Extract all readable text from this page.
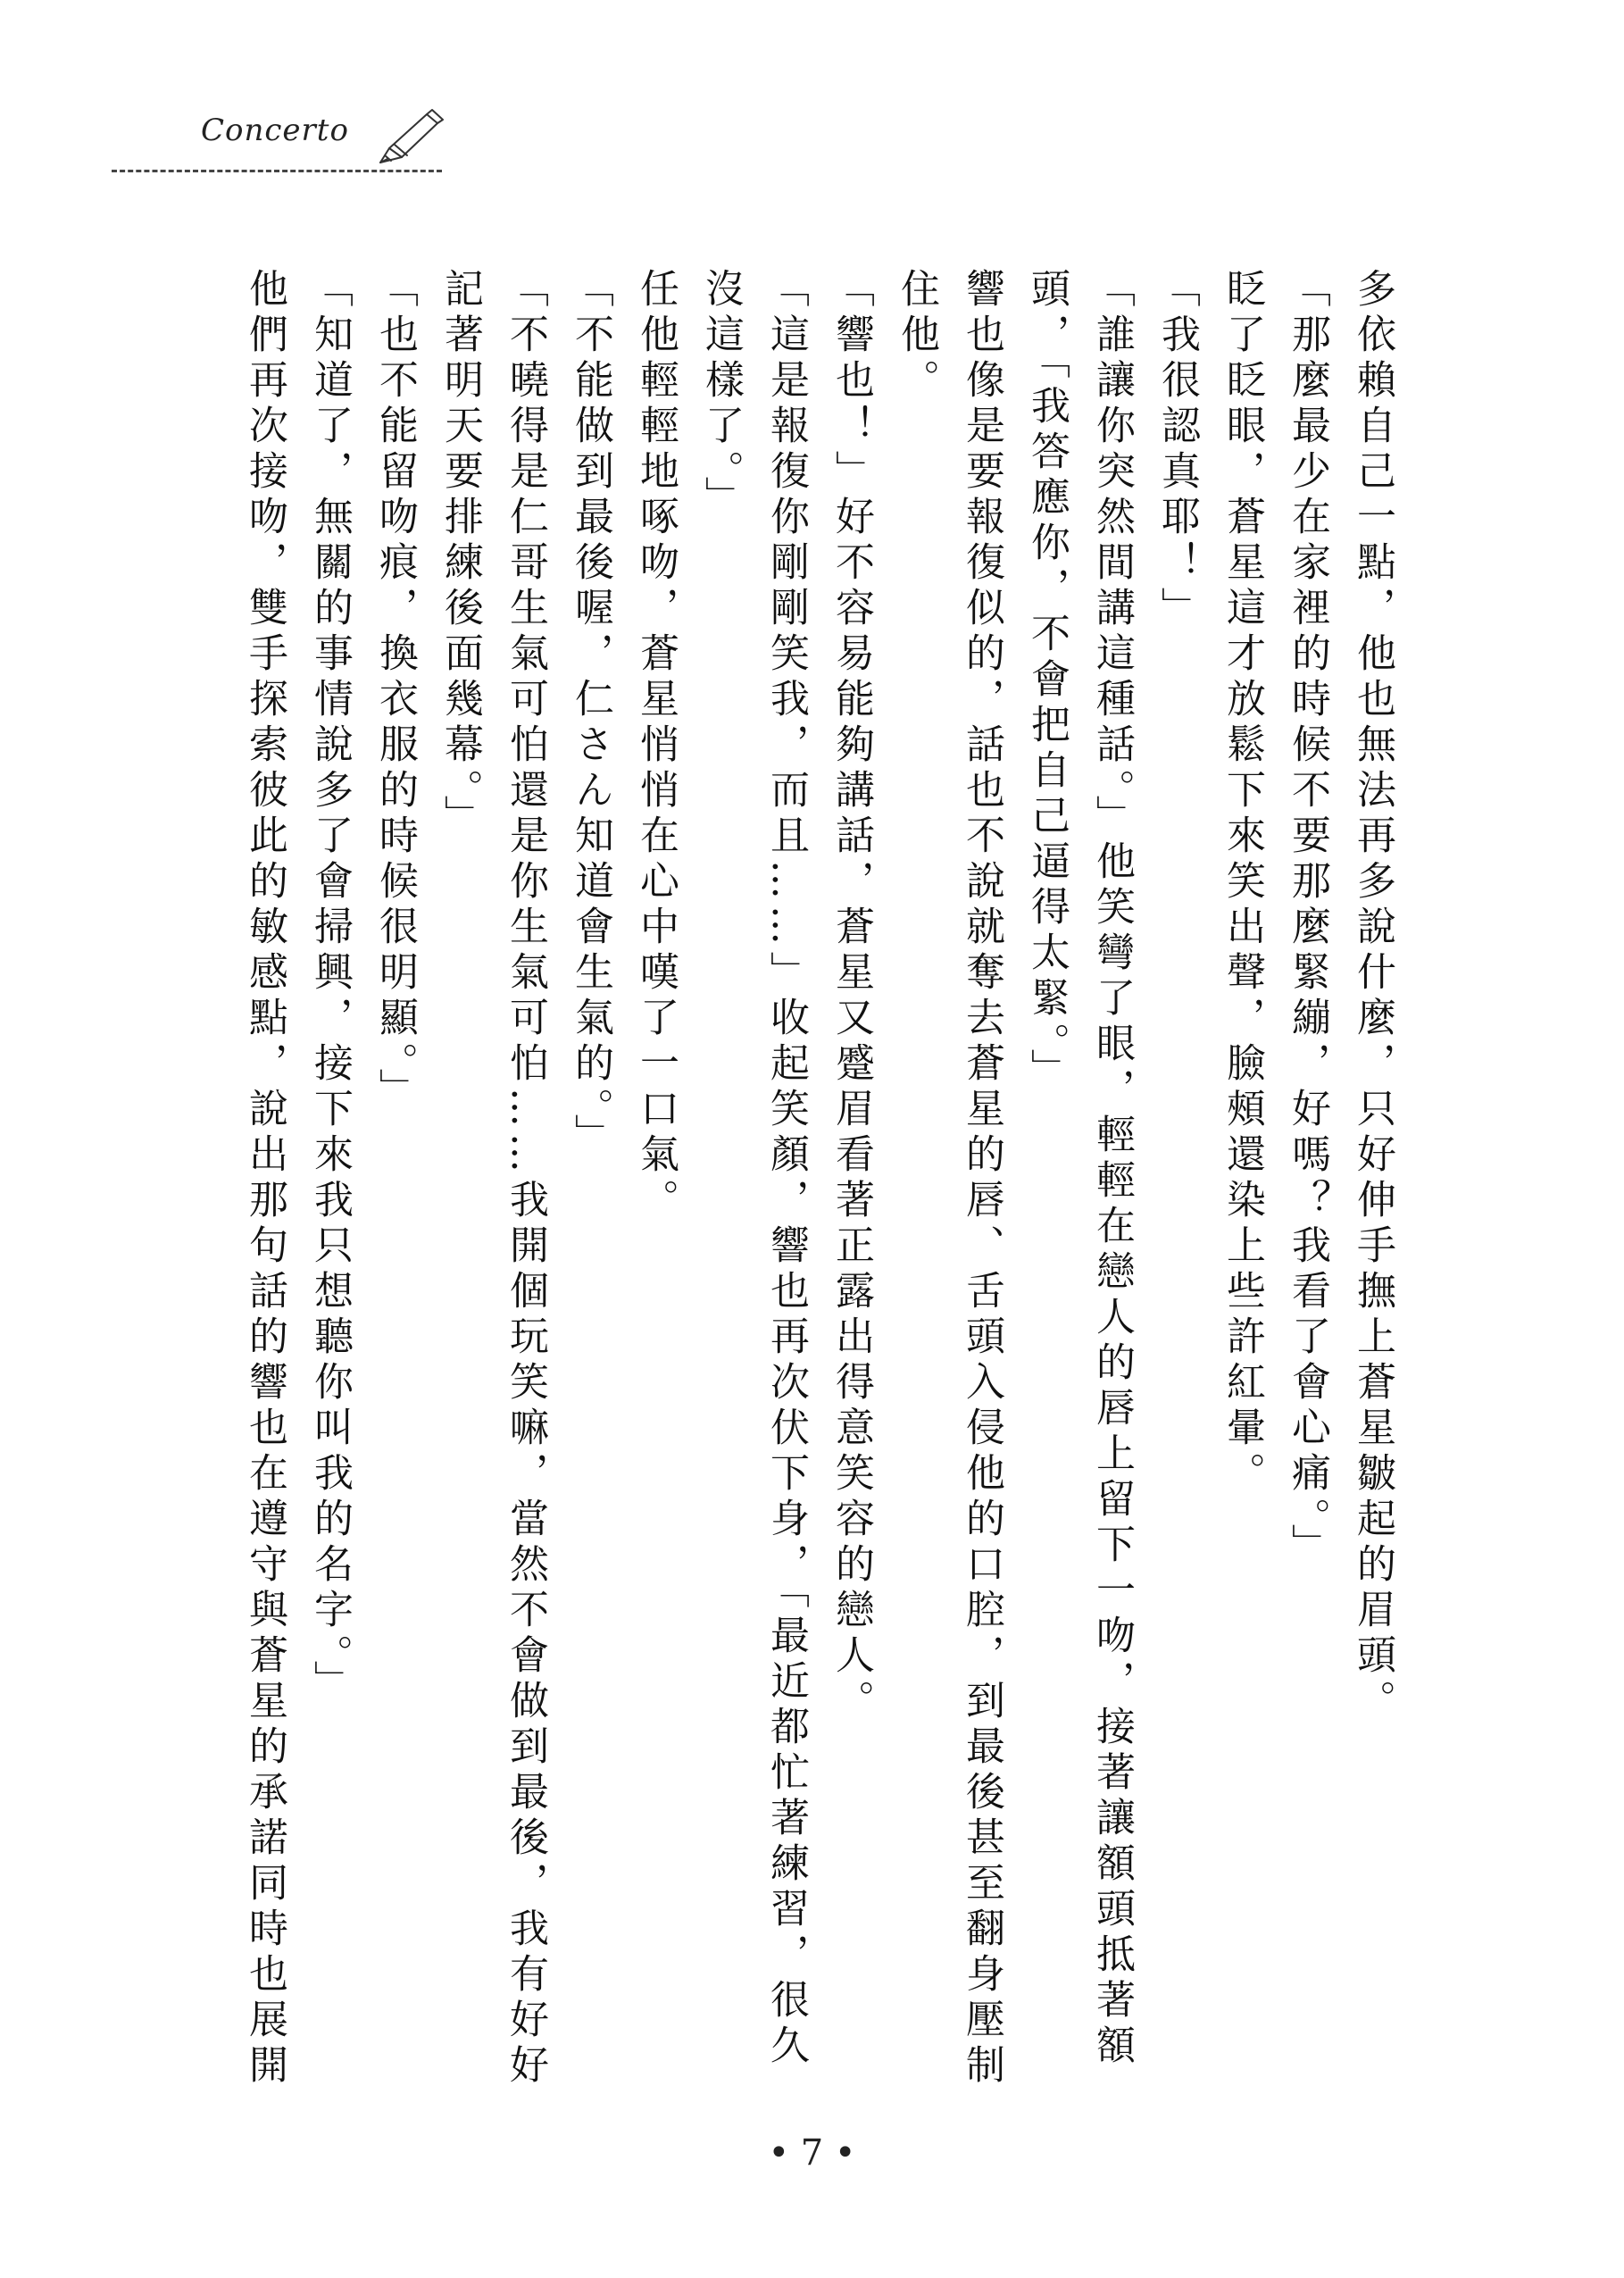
Concerto
多依賴自己一點，他也無法再多說什麼，只好伸手撫上蒼星皺起的眉頭。
「那麼最少在家裡的時候不要那麼緊繃，好嗎？我看了會心痛。」
眨了眨眼，蒼星這才放鬆下來笑出聲，臉頰還染上些許紅暈。
「我很認真耶！」
「誰讓你突然間講這種話。」他笑彎了眼，輕輕在戀人的唇上留下一吻，接著讓額頭抵著額
頭，「我答應你，不會把自己逼得太緊。」
響也像是要報復似的，話也不說就奪去蒼星的唇、舌頭入侵他的口腔，到最後甚至翻身壓制
住他。
「響也！」好不容易能夠講話，蒼星又蹙眉看著正露出得意笑容的戀人。
「這是報復你剛剛笑我，而且……」收起笑顏，響也再次伏下身，「最近都忙著練習，很久
沒這樣了。」
任他輕輕地啄吻，蒼星悄悄在心中嘆了一口氣。
「不能做到最後喔，仁さん知道會生氣的。」
「不曉得是仁哥生氣可怕還是你生氣可怕……我開個玩笑嘛，當然不會做到最後，我有好好
記著明天要排練後面幾幕。」
「也不能留吻痕，換衣服的時候很明顯。」
「知道了，無關的事情說多了會掃興，接下來我只想聽你叫我的名字。」
他們再次接吻，雙手探索彼此的敏感點，說出那句話的響也在遵守與蒼星的承諾同時也展開
• 7 •
